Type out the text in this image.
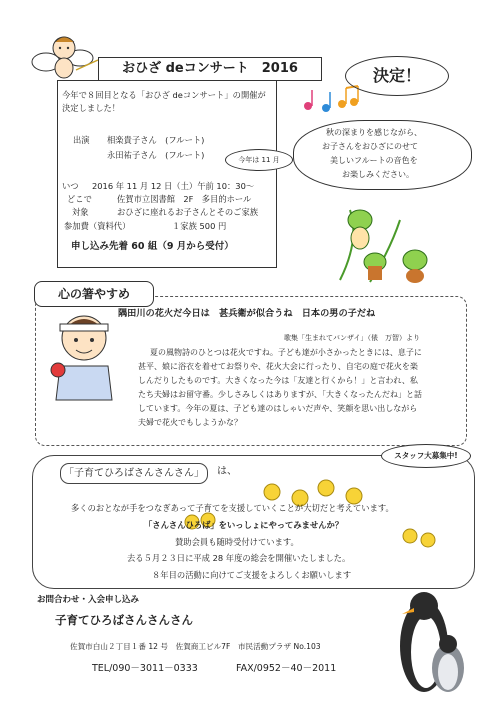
おひざ deコンサート　2016	決定！
今年で８回目となる「おひざ deコンサート」の開催が
決定しました！
出演 相楽貴子さん　(フルート)
永田祐子さん　(フルート)	今年は 11 月
いつ 2016 年 11 月 12 日（土）午前 10：30～
どこで	佐賀市立図書館　2F　多目的ホール
対象	おひざに座れるお子さんとそのご家族
参加費（資料代）	１家族 500 円
申し込み先着 60 組（9 月から受付）
秋の深まりを感じながら、
お子さんをおひざにのせて
美しいフルートの音色を
お楽しみください。
心の箸やすめ
隅田川の花火だ今日は　甚兵衛が似合うね　日本の男の子だね
歌集「生まれてバンザイ」（俵　万智）より
夏の風物詩のひとつは花火ですね。子ども達が小さかったときには、息子に
甚平、娘に浴衣を着せてお祭りや、花火大会に行ったり、自宅の庭で花火を楽
しんだりしたものです。大きくなった今は「友達と行くから！」と言われ、私
たち夫婦はお留守番。少しさみしくはありますが、「大きくなったんだね」と話
しています。今年の夏は、子ども達のはしゃいだ声や、笑顔を思い出しながら
夫婦で花火でもしようかな？
スタッフ大募集中!
「子育てひろばさんさんさん」	は、
多くのおとなが手をつなぎあって子育てを支援していくことが大切だと考えています。
「さんさんひろば」をいっしょにやってみませんか？
賛助会員も随時受付けています。
去る５月２３日に平成 28 年度の総会を開催いたしました。
８年目の活動に向けてご支援をよろしくお願いします
お問合わせ・入会申し込み
子育てひろばさんさんさん
佐賀市白山２丁目１番 12 号　佐賀商工ビル7F　市民活動プラザ No.103
TEL/090－3011－0333	FAX/0952－40－2011
